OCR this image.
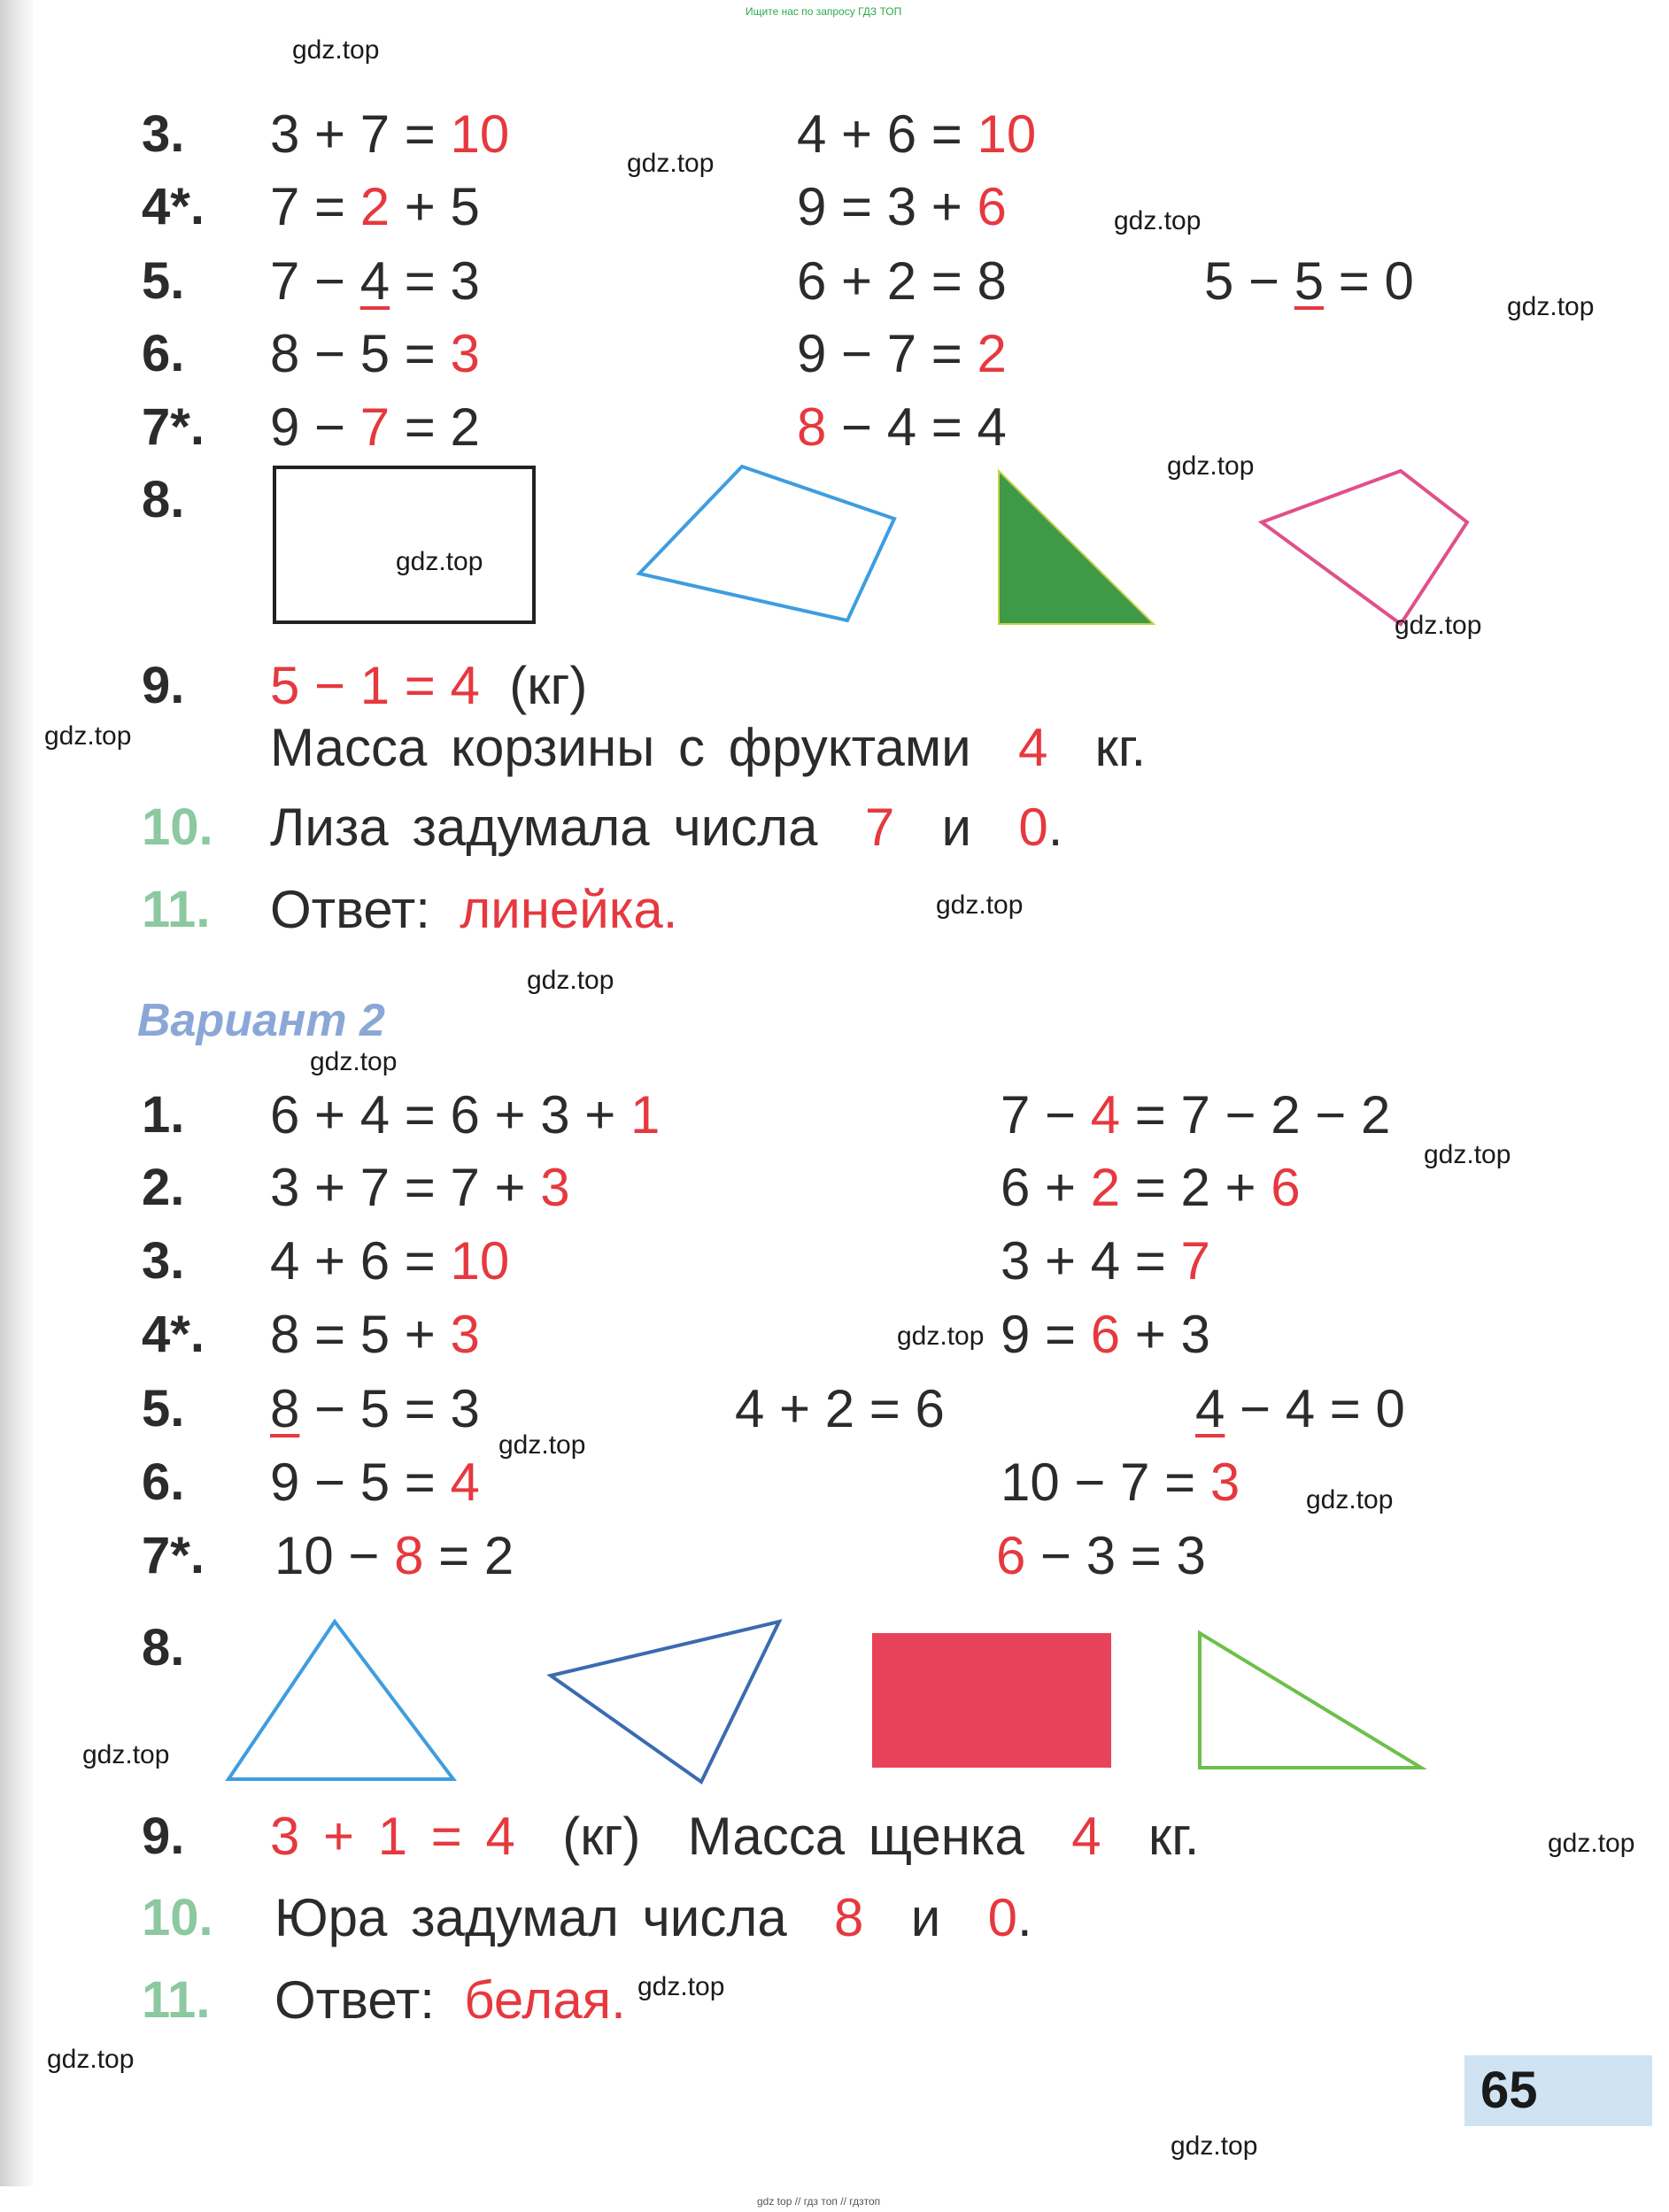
Ищите нас по запросу ГДЗ ТОП
3. 3 + 7 = 10	4 + 6 = 10
4*. 7 = 2 + 5	9 = 3 + 6
5. 7 − 4 = 3	6 + 2 = 8	5 − 5 = 0
6. 8 − 5 = 3	9 − 7 = 2
7*. 9 − 7 = 2	8 − 4 = 4
8.
9. 5 − 1 = 4 (кг)
Масса корзины с фруктами 4 кг.
10. Лиза задумала числа 7 и 0.
11. Ответ: линейка.
Вариант 2
1. 6 + 4 = 6 + 3 + 1	7 − 4 = 7 − 2 − 2
2. 3 + 7 = 7 + 3	6 + 2 = 2 + 6
3. 4 + 6 = 10	3 + 4 = 7
4*. 8 = 5 + 3	9 = 6 + 3
5. 8 − 5 = 3	4 + 2 = 6	4 − 4 = 0
6. 9 − 5 = 4	10 − 7 = 3
7*. 10 − 8 = 2	6 − 3 = 3
8.
9. 3 + 1 = 4 (кг) Масса щенка 4 кг.
10. Юра задумал числа 8 и 0.
11. Ответ: белая.
gdz.top
gdz.top
gdz.top
gdz.top
gdz.top
gdz.top
gdz.top
gdz.top
gdz.top
gdz.top
gdz.top
gdz.top
gdz.top
gdz.top
gdz.top
gdz.top
gdz.top
gdz.top
gdz.top
gdz.top
65
gdz top // гдз топ // гдзтоп
